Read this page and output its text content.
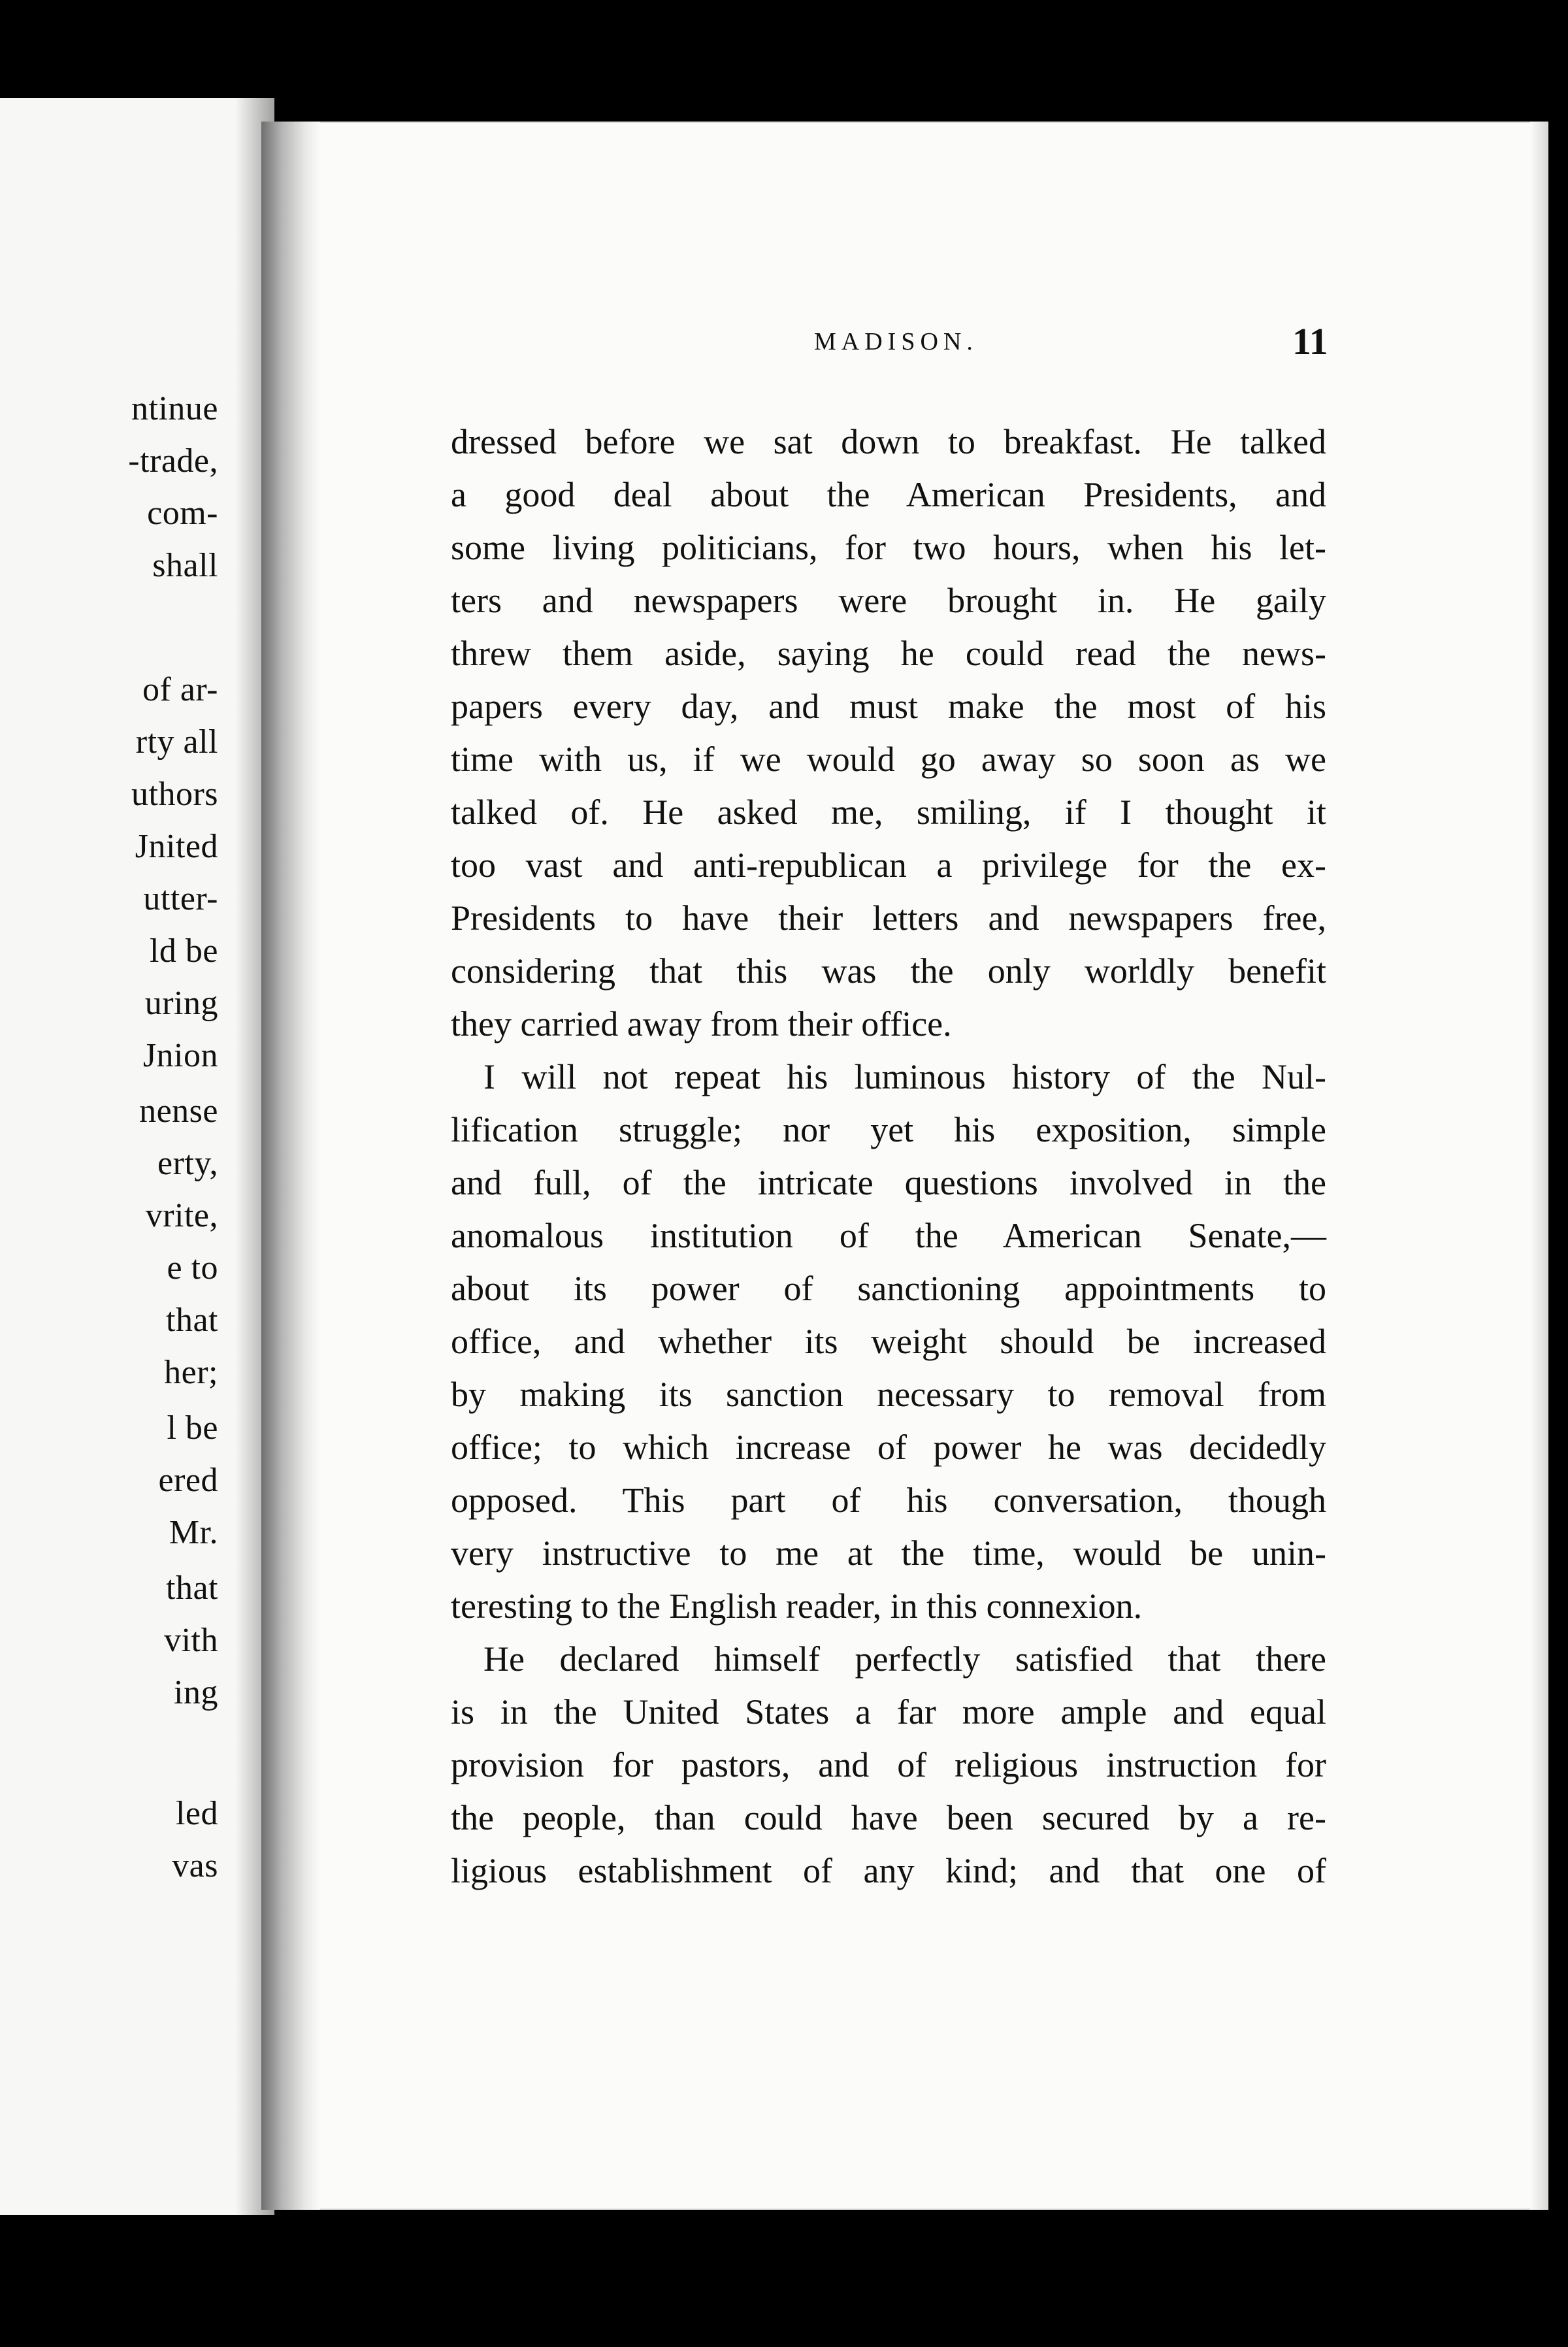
ntinue
-trade,
com-
shall
of ar-
rty all
uthors
Jnited
utter-
ld be
uring
Jnion
nense
erty,
vrite,
e to
that
her;
l be
ered
Mr.
that
vith
ing
led
vas
MADISON.	11
dressed before we sat down to breakfast. He talked
a good deal about the American Presidents, and
some living politicians, for two hours, when his let-
ters and newspapers were brought in. He gaily
threw them aside, saying he could read the news-
papers every day, and must make the most of his
time with us, if we would go away so soon as we
talked of. He asked me, smiling, if I thought it
too vast and anti-republican a privilege for the ex-
Presidents to have their letters and newspapers free,
considering that this was the only worldly benefit
they carried away from their office.
I will not repeat his luminous history of the Nul-
lification struggle; nor yet his exposition, simple
and full, of the intricate questions involved in the
anomalous institution of the American Senate,—
about its power of sanctioning appointments to
office, and whether its weight should be increased
by making its sanction necessary to removal from
office; to which increase of power he was decidedly
opposed. This part of his conversation, though
very instructive to me at the time, would be unin-
teresting to the English reader, in this connexion.
He declared himself perfectly satisfied that there
is in the United States a far more ample and equal
provision for pastors, and of religious instruction for
the people, than could have been secured by a re-
ligious establishment of any kind; and that one of
